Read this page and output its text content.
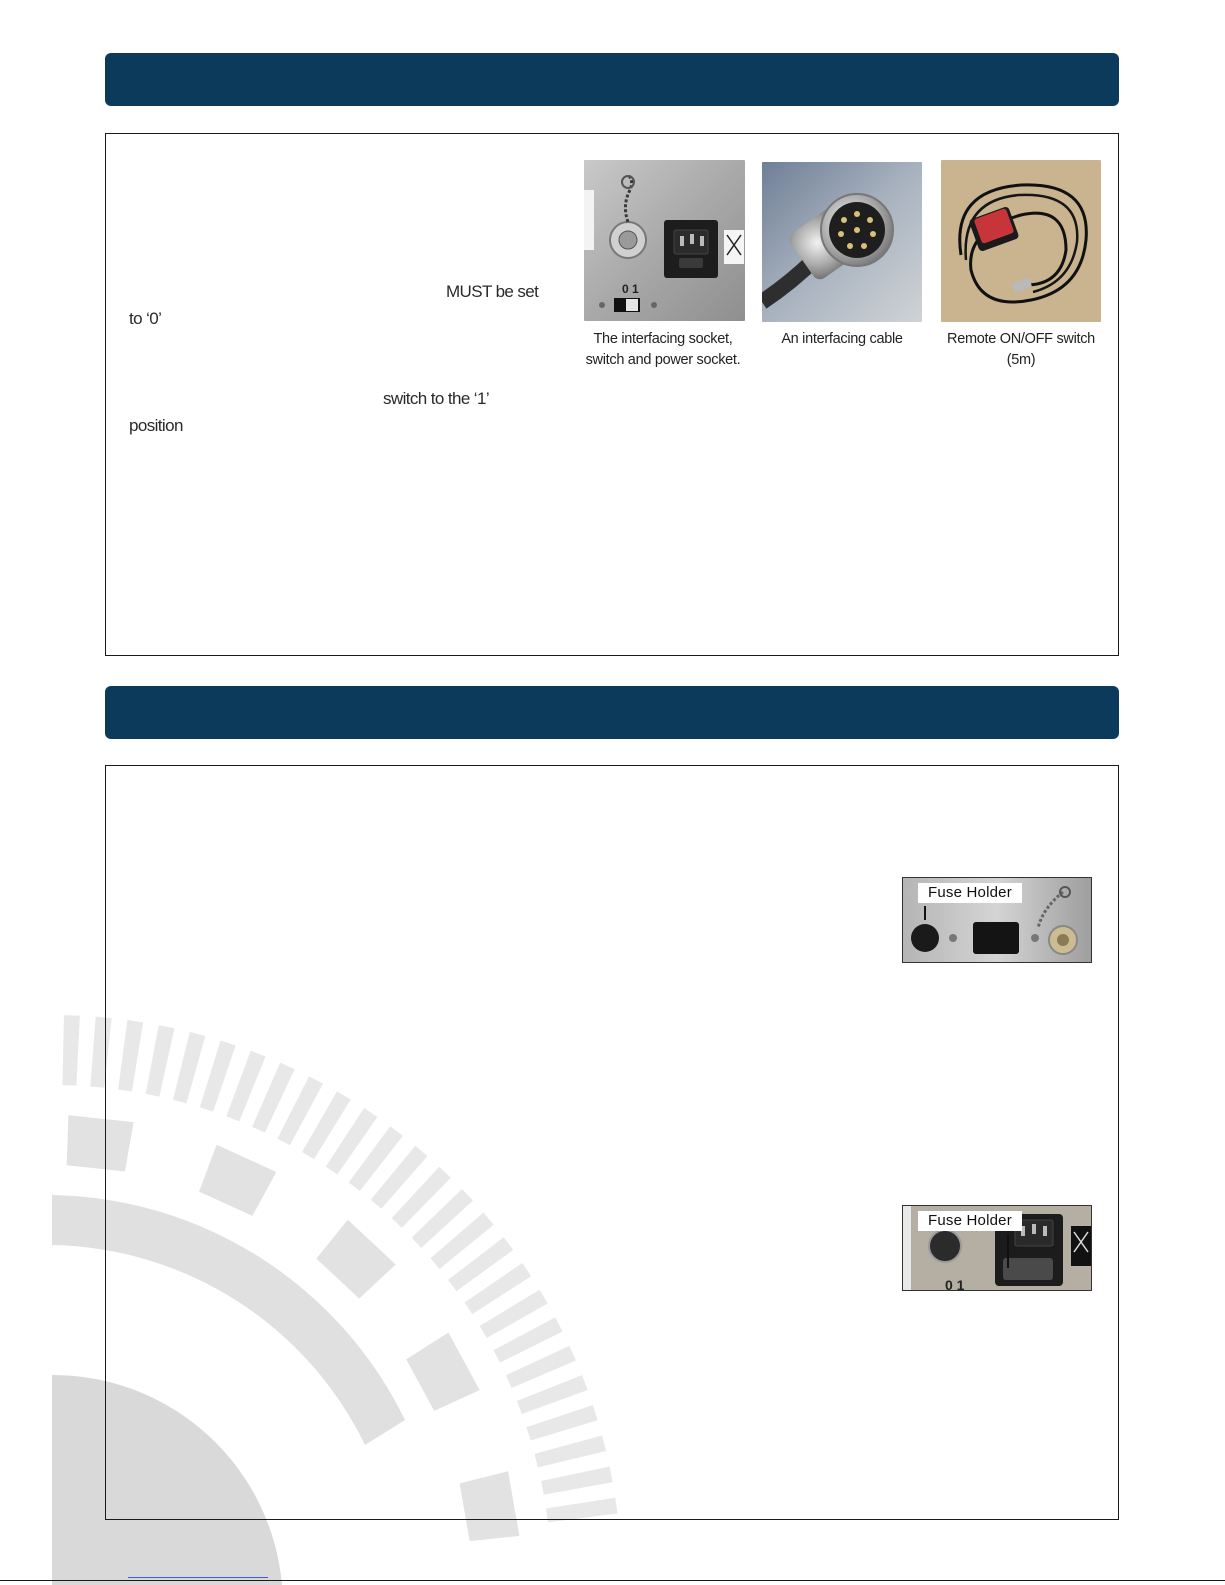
MUST be set
to ‘0’
switch to the ‘1’
position
0 1
The interfacing socket, switch and power socket.
An interfacing cable	Remote ON/OFF switch (5m)
Fuse Holder
0 1
Fuse Holder
